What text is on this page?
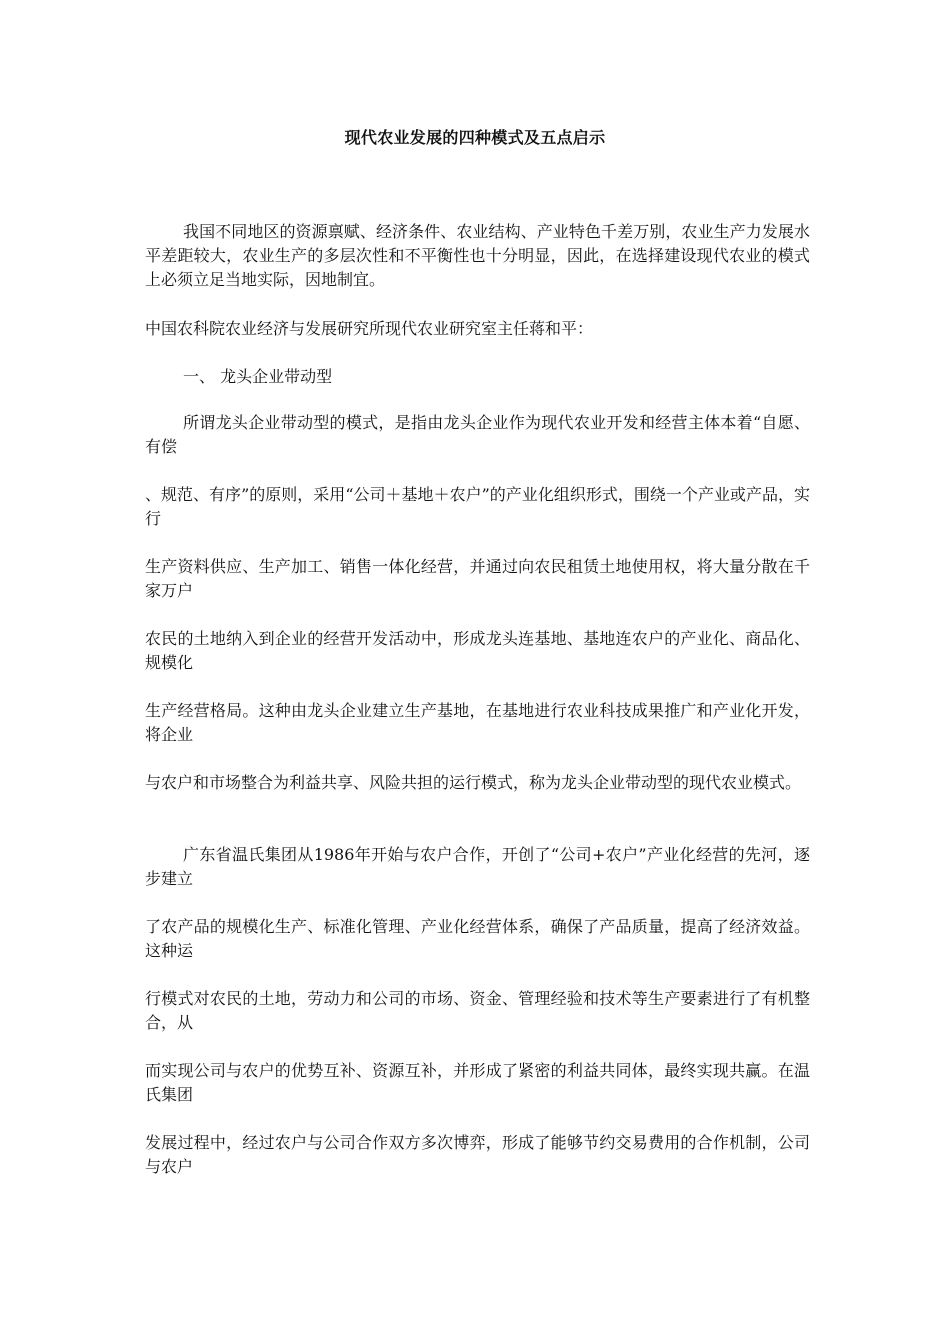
现代农业发展的四种模式及五点启示

我国不同地区的资源禀赋、经济条件、农业结构、产业特色千差万别，农业生产力发展水平差距较大，农业生产的多层次性和不平衡性也十分明显，因此，在选择建设现代农业的模式上必须立足当地实际，因地制宜。

中国农科院农业经济与发展研究所现代农业研究室主任蒋和平：

一、 龙头企业带动型

所谓龙头企业带动型的模式，是指由龙头企业作为现代农业开发和经营主体本着“自愿、有偿

、规范、有序”的原则，采用“公司＋基地＋农户”的产业化组织形式，围绕一个产业或产品，实行

生产资料供应、生产加工、销售一体化经营，并通过向农民租赁土地使用权，将大量分散在千家万户

农民的土地纳入到企业的经营开发活动中，形成龙头连基地、基地连农户的产业化、商品化、规模化

生产经营格局。这种由龙头企业建立生产基地，在基地进行农业科技成果推广和产业化开发，将企业

与农户和市场整合为利益共享、风险共担的运行模式，称为龙头企业带动型的现代农业模式。

广东省温氏集团从1986年开始与农户合作，开创了“公司+农户”产业化经营的先河，逐步建立

了农产品的规模化生产、标准化管理、产业化经营体系，确保了产品质量，提高了经济效益。这种运

行模式对农民的土地，劳动力和公司的市场、资金、管理经验和技术等生产要素进行了有机整合，从

而实现公司与农户的优势互补、资源互补，并形成了紧密的利益共同体，最终实现共赢。在温氏集团

发展过程中，经过农户与公司合作双方多次博弈，形成了能够节约交易费用的合作机制，公司与农户
